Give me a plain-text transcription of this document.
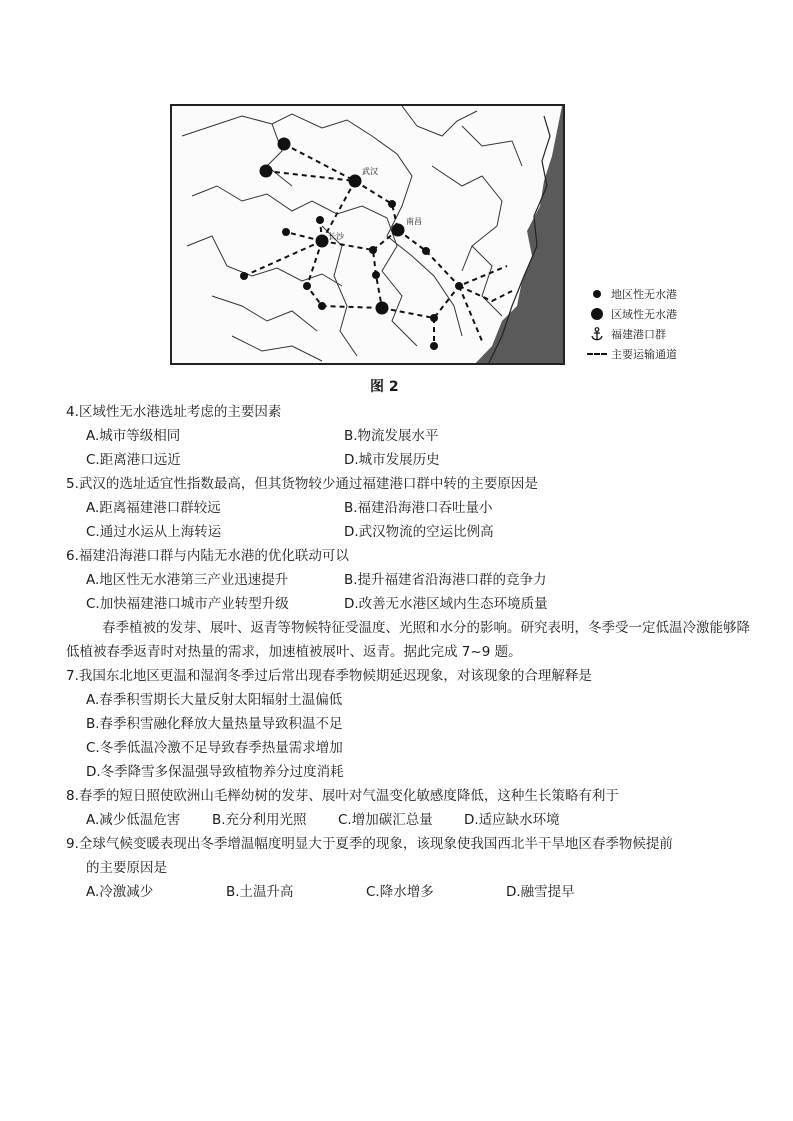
武汉
南昌
长沙
地区性无水港
区域性无水港
福建港口群
主要运输通道
图 2
4.区域性无水港选址考虑的主要因素
A.城市等级相同	B.物流发展水平
C.距离港口远近	D.城市发展历史
5.武汉的选址适宜性指数最高，但其货物较少通过福建港口群中转的主要原因是
A.距离福建港口群较远	B.福建沿海港口吞吐量小
C.通过水运从上海转运	D.武汉物流的空运比例高
6.福建沿海港口群与内陆无水港的优化联动可以
A.地区性无水港第三产业迅速提升	B.提升福建省沿海港口群的竞争力
C.加快福建港口城市产业转型升级	D.改善无水港区域内生态环境质量
春季植被的发芽、展叶、返青等物候特征受温度、光照和水分的影响。研究表明，冬季受一定低温冷激能够降低植被春季返青时对热量的需求，加速植被展叶、返青。据此完成 7~9 题。
7.我国东北地区更温和湿润冬季过后常出现春季物候期延迟现象，对该现象的合理解释是
A.春季积雪期长大量反射太阳辐射土温偏低
B.春季积雪融化释放大量热量导致积温不足
C.冬季低温冷激不足导致春季热量需求增加
D.冬季降雪多保温强导致植物养分过度消耗
8.春季的短日照使欧洲山毛榉幼树的发芽、展叶对气温变化敏感度降低，这种生长策略有利于
A.减少低温危害	B.充分利用光照	C.增加碳汇总量	D.适应缺水环境
9.全球气候变暖表现出冬季增温幅度明显大于夏季的现象，该现象使我国西北半干旱地区春季物候提前
的主要原因是
A.冷激减少	B.土温升高	C.降水增多	D.融雪提早
